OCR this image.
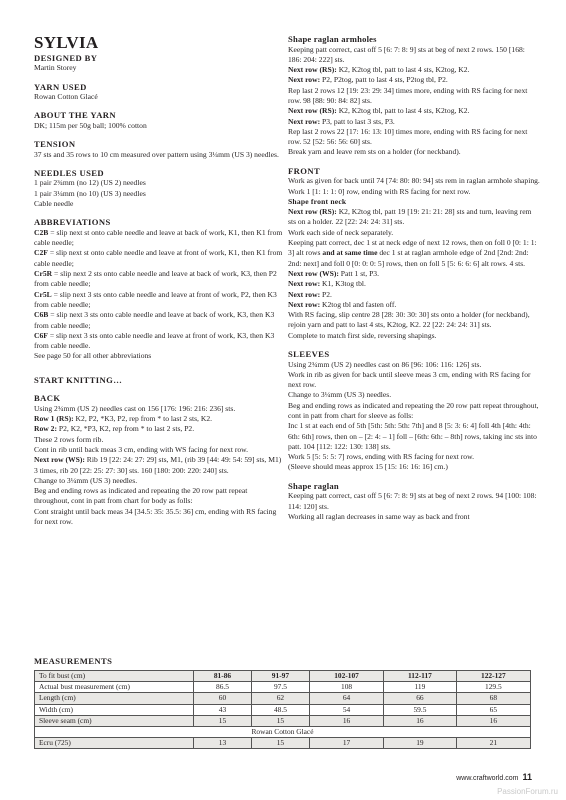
SYLVIA
DESIGNED BY

Martin Storey

YARN USED

Rowan Cotton Glacé

ABOUT THE YARN

DK; 115m per 50g ball; 100% cotton

TENSION

37 sts and 35 rows to 10 cm measured over pattern using 3¼mm (US 3) needles.

NEEDLES USED

1 pair 2¾mm (no 12) (US 2) needles

1 pair 3¼mm (no 10) (US 3) needles

Cable needle

ABBREVIATIONS

C2B = slip next st onto cable needle and leave at back of work, K1, then K1 from cable needle;

C2F = slip next st onto cable needle and leave at front of work, K1, then K1 from cable needle;

Cr5R = slip next 2 sts onto cable needle and leave at back of work, K3, then P2 from cable needle;

Cr5L = slip next 3 sts onto cable needle and leave at front of work, P2, then K3 from cable needle;

C6B = slip next 3 sts onto cable needle and leave at back of work, K3, then K3 from cable needle;

C6F = slip next 3 sts onto cable needle and leave at front of work, K3, then K3 from cable needle.

See page 50 for all other abbreviations

START KNITTING…
BACK

Using 2¾mm (US 2) needles cast on 156 [176: 196: 216: 236] sts.

Row 1 (RS): K2, P2, *K3, P2, rep from * to last 2 sts, K2.

Row 2: P2, K2, *P3, K2, rep from * to last 2 sts, P2.

These 2 rows form rib.

Cont in rib until back meas 3 cm, ending with WS facing for next row.

Next row (WS): Rib 19 [22: 24: 27: 29] sts, M1, (rib 39 [44: 49: 54: 59] sts, M1) 3 times, rib 20 [22: 25: 27: 30] sts. 160 [180: 200: 220: 240] sts.

Change to 3¼mm (US 3) needles.

Beg and ending rows as indicated and repeating the 20 row patt repeat throughout, cont in patt from chart for body as folls:

Cont straight until back meas 34 [34.5: 35: 35.5: 36] cm, ending with RS facing for next row.

Shape raglan armholes

Keeping patt correct, cast off 5 [6: 7: 8: 9] sts at beg of next 2 rows. 150 [168: 186: 204: 222] sts.

Next row (RS): K2, K2tog tbl, patt to last 4 sts, K2tog, K2.

Next row: P2, P2tog, patt to last 4 sts, P2tog tbl, P2.

Rep last 2 rows 12 [19: 23: 29: 34] times more, ending with RS facing for next row. 98 [88: 90: 84: 82] sts.

Next row (RS): K2, K2tog tbl, patt to last 4 sts, K2tog, K2.

Next row: P3, patt to last 3 sts, P3.

Rep last 2 rows 22 [17: 16: 13: 10] times more, ending with RS facing for next row. 52 [52: 56: 56: 60] sts.

Break yarn and leave rem sts on a holder (for neckband).

FRONT

Work as given for back until 74 [74: 80: 80: 94] sts rem in raglan armhole shaping.

Work 1 [1: 1: 1: 0] row, ending with RS facing for next row.

Shape front neck

Next row (RS): K2, K2tog tbl, patt 19 [19: 21: 21: 28] sts and turn, leaving rem sts on a holder. 22 [22: 24: 24: 31] sts.

Work each side of neck separately.

Keeping patt correct, dec 1 st at neck edge of next 12 rows, then on foll 0 [0: 1: 1: 3] alt rows and at same time dec 1 st at raglan armhole edge of 2nd [2nd: 2nd: 2nd: next] and foll 0 [0: 0: 0: 5] rows, then on foll 5 [5: 6: 6: 6] alt rows. 4 sts.

Next row (WS): Patt 1 st, P3.

Next row: K1, K3tog tbl.

Next row: P2.

Next row: K2tog tbl and fasten off.

With RS facing, slip centre 28 [28: 30: 30: 30] sts onto a holder (for neckband), rejoin yarn and patt to last 4 sts, K2tog, K2. 22 [22: 24: 24: 31] sts.

Complete to match first side, reversing shapings.

SLEEVES

Using 2¾mm (US 2) needles cast on 86 [96: 106: 116: 126] sts.

Work in rib as given for back until sleeve meas 3 cm, ending with RS facing for next row.

Change to 3¼mm (US 3) needles.

Beg and ending rows as indicated and repeating the 20 row patt repeat throughout, cont in patt from chart for sleeve as folls:

Inc 1 st at each end of 5th [5th: 5th: 5th: 7th] and 8 [5: 3: 6: 4] foll 4th [4th: 4th: 6th: 6th] rows, then on – [2: 4: – 1] foll – [6th: 6th: – 8th] rows, taking inc sts into patt. 104 [112: 122: 130: 138] sts.

Work 5 [5: 5: 5: 7] rows, ending with RS facing for next row.

(Sleeve should meas approx 15 [15: 16: 16: 16] cm.)

Shape raglan

Keeping patt correct, cast off 5 [6: 7: 8: 9] sts at beg of next 2 rows. 94 [100: 108: 114: 120] sts.

Working all raglan decreases in same way as back and front

MEASUREMENTS
To fit bust (cm)	81-86	91-97	102-107	112-117	122-127
Actual bust measurement (cm)	86.5	97.5	108	119	129.5
Length (cm)	60	62	64	66	68
Width (cm)	43	48.5	54	59.5	65
Sleeve seam (cm)	15	15	16	16	16
Rowan Cotton Glacé					
Ecru (725)	13	15	17	19	21
www.craftworld.com 11
PassionForum.ru
